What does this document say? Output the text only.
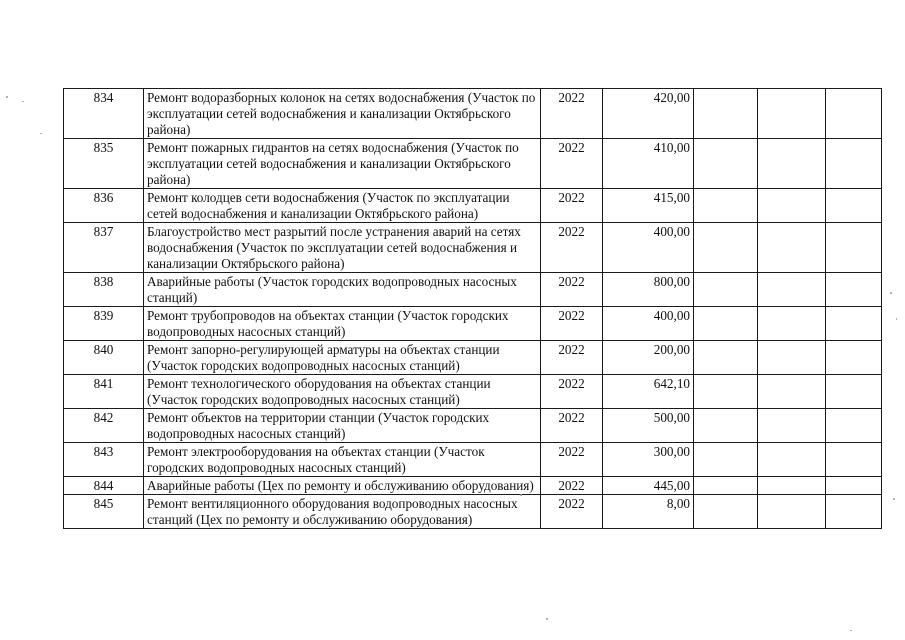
834	Ремонт водоразборных колонок на сетях водоснабжения (Участок по эксплуатации сетей водоснабжения и канализации Октябрьского района)	2022	420,00			
835	Ремонт пожарных гидрантов на сетях водоснабжения (Участок по эксплуатации сетей водоснабжения и канализации Октябрьского района)	2022	410,00			
836	Ремонт колодцев сети водоснабжения (Участок по эксплуатации сетей водоснабжения и канализации Октябрьского района)	2022	415,00			
837	Благоустройство мест разрытий после устранения аварий на сетях водоснабжения (Участок по эксплуатации сетей водоснабжения и канализации Октябрьского района)	2022	400,00			
838	Аварийные работы (Участок городских водопроводных насосных станций)	2022	800,00			
839	Ремонт трубопроводов на объектах станции (Участок городских водопроводных насосных станций)	2022	400,00			
840	Ремонт запорно-регулирующей арматуры на объектах станции (Участок городских водопроводных насосных станций)	2022	200,00			
841	Ремонт технологического оборудования на объектах станции (Участок городских водопроводных насосных станций)	2022	642,10			
842	Ремонт объектов на территории станции (Участок городских водопроводных насосных станций)	2022	500,00			
843	Ремонт электрооборудования на объектах станции (Участок городских водопроводных насосных станций)	2022	300,00			
844	Аварийные работы (Цех по ремонту и обслуживанию оборудования)	2022	445,00			
845	Ремонт вентиляционного оборудования водопроводных насосных станций (Цех по ремонту и обслуживанию оборудования)	2022	8,00			
